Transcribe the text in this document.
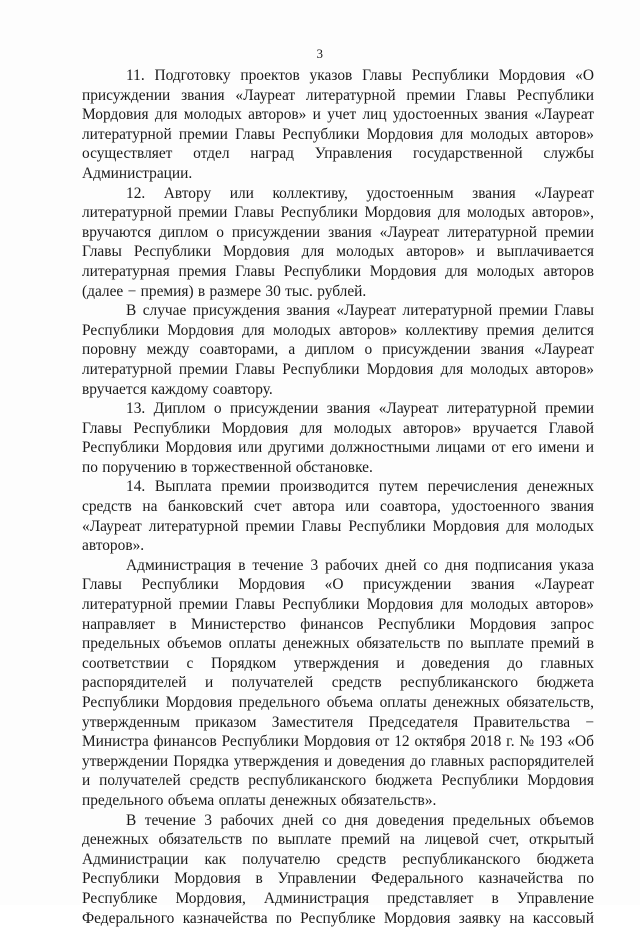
3

11. Подготовку проектов указов Главы Республики Мордовия «О присуждении звания «Лауреат литературной премии Главы Республики Мордовия для молодых авторов» и учет лиц удостоенных звания «Лауреат литературной премии Главы Республики Мордовия для молодых авторов» осуществляет отдел наград Управления государственной службы Администрации.

12. Автору или коллективу, удостоенным звания «Лауреат литературной премии Главы Республики Мордовия для молодых авторов», вручаются диплом о присуждении звания «Лауреат литературной премии Главы Республики Мордовия для молодых авторов» и выплачивается литературная премия Главы Республики Мордовия для молодых авторов (далее − премия) в размере 30 тыс. рублей.

В случае присуждения звания «Лауреат литературной премии Главы Республики Мордовия для молодых авторов» коллективу премия делится поровну между соавторами, а диплом о присуждении звания «Лауреат литературной премии Главы Республики Мордовия для молодых авторов» вручается каждому соавтору.

13. Диплом о присуждении звания «Лауреат литературной премии Главы Республики Мордовия для молодых авторов» вручается Главой Республики Мордовия или другими должностными лицами от его имени и по поручению в торжественной обстановке.

14. Выплата премии производится путем перечисления денежных средств на банковский счет автора или соавтора, удостоенного звания «Лауреат литературной премии Главы Республики Мордовия для молодых авторов».

Администрация в течение 3 рабочих дней со дня подписания указа Главы Республики Мордовия «О присуждении звания «Лауреат литературной премии Главы Республики Мордовия для молодых авторов» направляет в Министерство финансов Республики Мордовия запрос предельных объемов оплаты денежных обязательств по выплате премий в соответствии с Порядком утверждения и доведения до главных распорядителей и получателей средств республиканского бюджета Республики Мордовия предельного объема оплаты денежных обязательств, утвержденным приказом Заместителя Председателя Правительства − Министра финансов Республики Мордовия от 12 октября 2018 г. № 193 «Об утверждении Порядка утверждения и доведения до главных распорядителей и получателей средств республиканского бюджета Республики Мордовия предельного объема оплаты денежных обязательств».

В течение 3 рабочих дней со дня доведения предельных объемов денежных обязательств по выплате премий на лицевой счет, открытый Администрации как получателю средств республиканского бюджета Республики Мордовия в Управлении Федерального казначейства по Республике Мордовия, Администрация представляет в Управление Федерального казначейства по Республике Мордовия заявку на кассовый
